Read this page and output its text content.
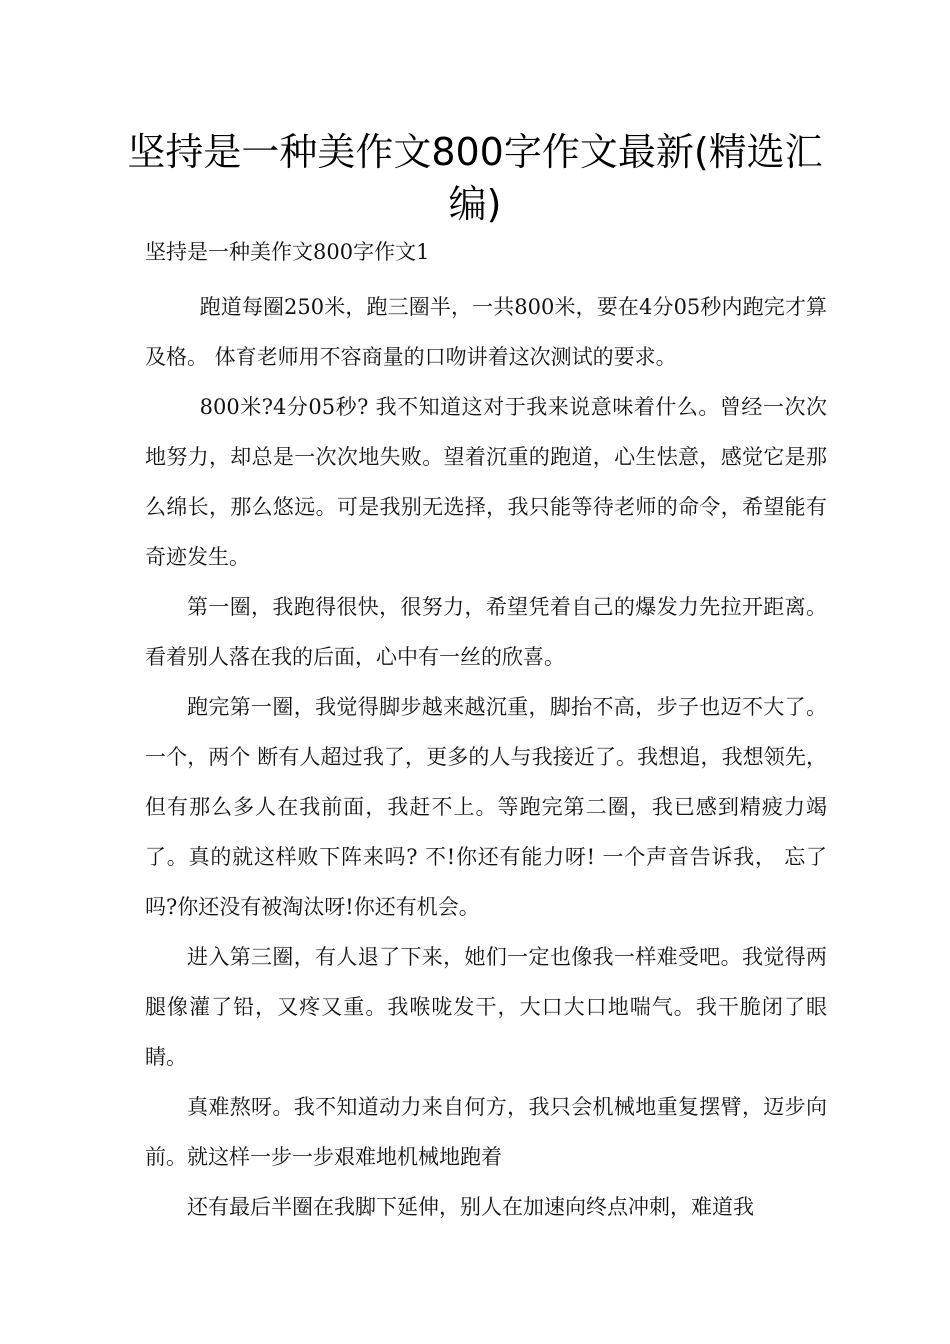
坚持是一种美作文800字作文最新(精选汇编)

坚持是一种美作文800字作文1

跑道每圈250米，跑三圈半，一共800米，要在4分05秒内跑完才算及格。 体育老师用不容商量的口吻讲着这次测试的要求。

800米?4分05秒? 我不知道这对于我来说意味着什么。曾经一次次地努力，却总是一次次地失败。望着沉重的跑道，心生怯意，感觉它是那么绵长，那么悠远。可是我别无选择，我只能等待老师的命令，希望能有奇迹发生。

第一圈，我跑得很快，很努力，希望凭着自己的爆发力先拉开距离。看着别人落在我的后面，心中有一丝的欣喜。

跑完第一圈，我觉得脚步越来越沉重，脚抬不高，步子也迈不大了。一个，两个 断有人超过我了，更多的人与我接近了。我想追，我想领先，但有那么多人在我前面，我赶不上。等跑完第二圈，我已感到精疲力竭了。真的就这样败下阵来吗? 不!你还有能力呀! 一个声音告诉我， 忘了吗?你还没有被淘汰呀!你还有机会。

进入第三圈，有人退了下来，她们一定也像我一样难受吧。我觉得两腿像灌了铅，又疼又重。我喉咙发干，大口大口地喘气。我干脆闭了眼睛。

真难熬呀。我不知道动力来自何方，我只会机械地重复摆臂，迈步向前。就这样一步一步艰难地机械地跑着

还有最后半圈在我脚下延伸，别人在加速向终点冲刺，难道我
